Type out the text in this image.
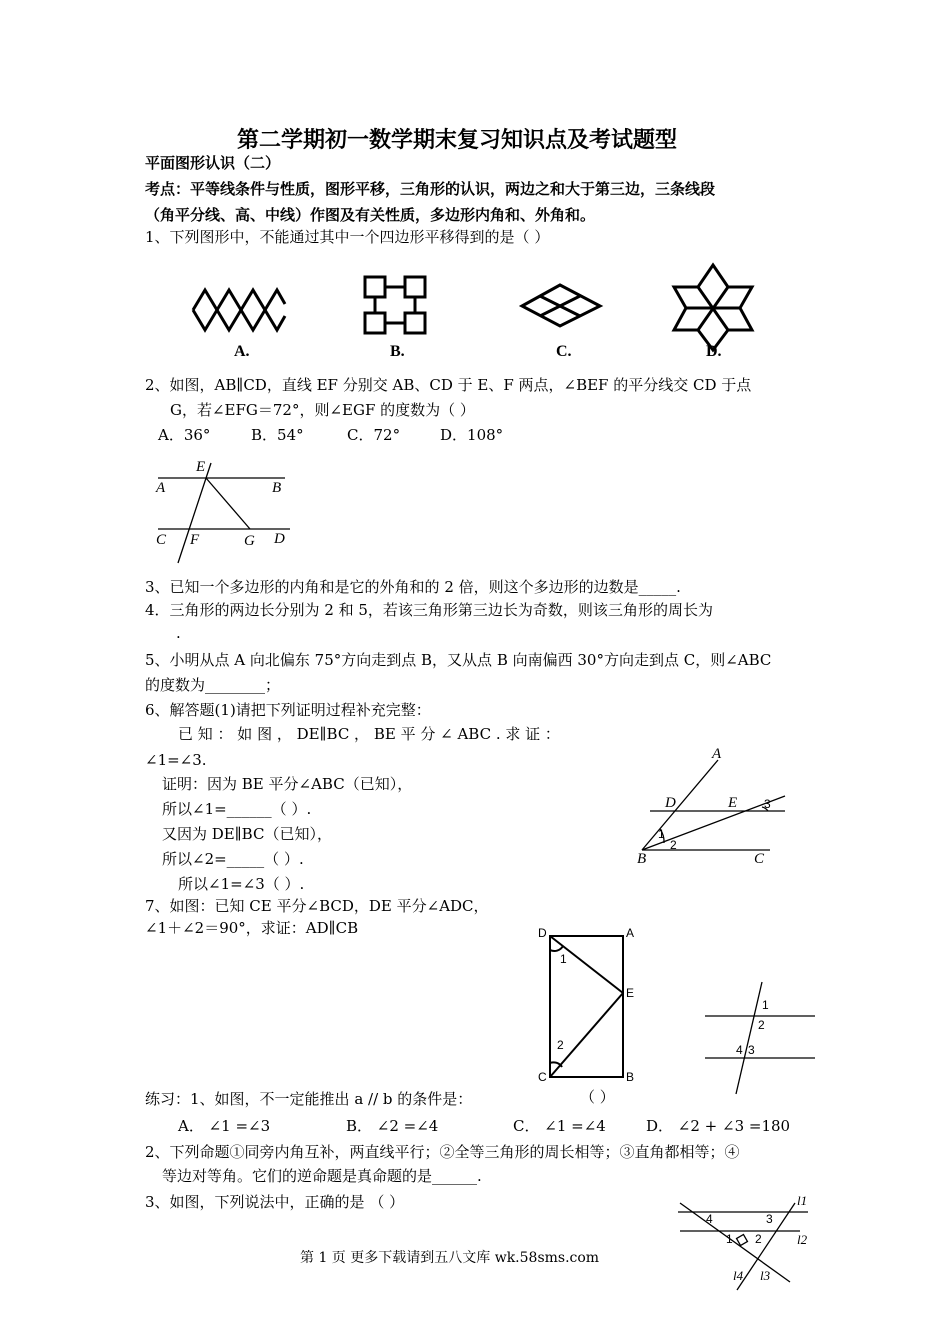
第二学期初一数学期末复习知识点及考试题型
平面图形认识（二）
考点：平等线条件与性质，图形平移，三角形的认识，两边之和大于第三边，三条线段
（角平分线、高、中线）作图及有关性质，多边形内角和、外角和。
1、下列图形中，不能通过其中一个四边形平移得到的是（ ）
A.	B.	C.	D.
2、如图，AB∥CD，直线 EF 分别交 AB、CD 于 E、F 两点，∠BEF 的平分线交 CD 于点
G，若∠EFG＝72°，则∠EGF 的度数为（ ）
A．36°	B．54°	C．72°	D．108°
E
A	B
C F	G D
3、已知一个多边形的内角和是它的外角和的 2 倍，则这个多边形的边数是_____.
4．三角形的两边长分别为 2 和 5，若该三角形第三边长为奇数，则该三角形的周长为
.
5、小明从点 A 向北偏东 75°方向走到点 B，又从点 B 向南偏西 30°方向走到点 C，则∠ABC
的度数为________；
6、解答题(1)请把下列证明过程补充完整：
已 知 ： 如 图 ， DE∥BC ， BE 平 分 ∠ ABC . 求 证 ：
∠1=∠3.
证明：因为 BE 平分∠ABC（已知），
所以∠1=______（ ）.
又因为 DE∥BC（已知），
所以∠2=_____（ ）.
所以∠1=∠3（ ）.
A
D	E 3
1
2
B	C
7、如图：已知 CE 平分∠BCD，DE 平分∠ADC，
∠1＋∠2＝90°，求证：AD∥CB	D	A
1
E
2
C	B
1
2
4 3
练习：1、如图，不一定能推出 a // b 的条件是：	（ ）
A． ∠1 =∠3	B． ∠2 =∠4	C． ∠1 =∠4	D． ∠2 + ∠3 =180
2、下列命题①同旁内角互补，两直线平行；②全等三角形的周长相等；③直角都相等；④
等边对等角。它们的逆命题是真命题的是______.
3、如图，下列说法中，正确的是 （ ）	l1
4	3
1 2	l2
l4 l3
第 1 页 更多下载请到五八文库 wk.58sms.com
